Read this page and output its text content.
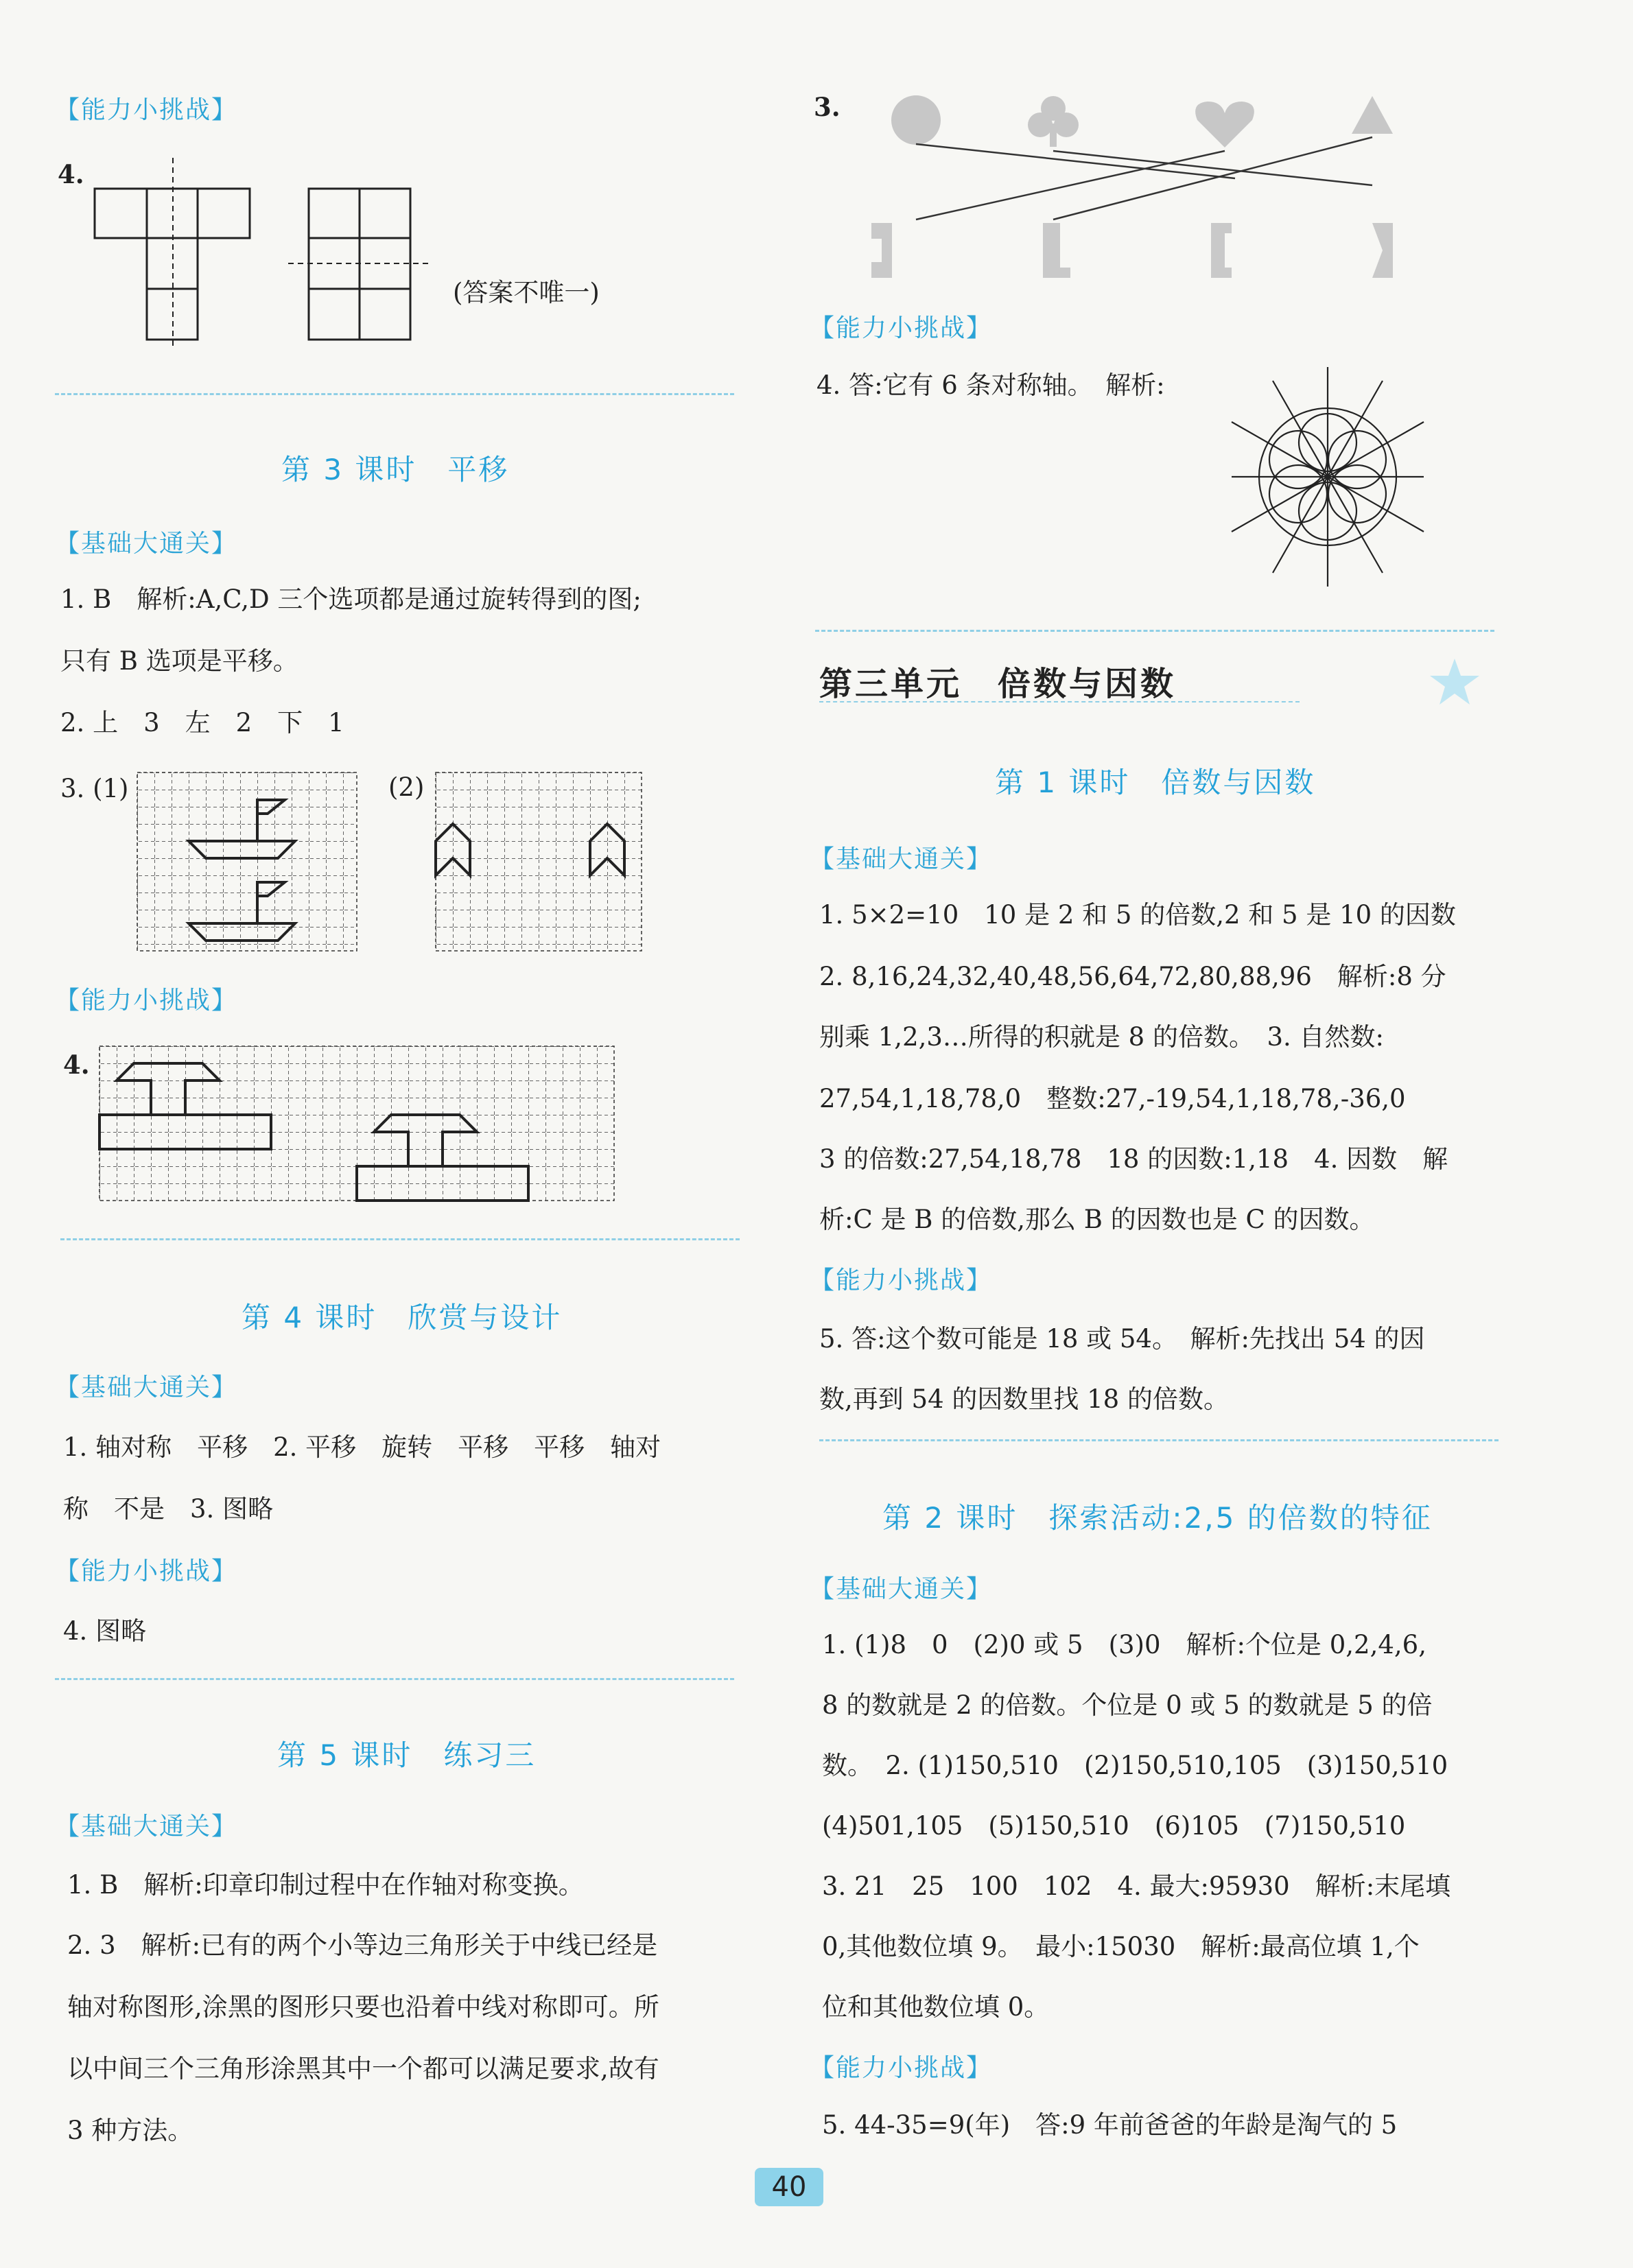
【能力小挑战】
4.
(答案不唯一)
第 3 课时　平移
【基础大通关】
1. B　解析:A,C,D 三个选项都是通过旋转得到的图;
只有 B 选项是平移。
2. 上　3　左　2　下　1
3. (1)	(2)
【能力小挑战】
4.
第 4 课时　欣赏与设计
【基础大通关】
1. 轴对称　平移　2. 平移　旋转　平移　平移　轴对
称　不是　3. 图略
【能力小挑战】
4. 图略
第 5 课时　练习三
【基础大通关】
1. B　解析:印章印制过程中在作轴对称变换。
2. 3　解析:已有的两个小等边三角形关于中线已经是
轴对称图形,涂黑的图形只要也沿着中线对称即可。所
以中间三个三角形涂黑其中一个都可以满足要求,故有
3 种方法。
3.
【能力小挑战】
4. 答:它有 6 条对称轴。　解析:
第三单元　倍数与因数
第 1 课时　倍数与因数
【基础大通关】
1. 5×2=10　10 是 2 和 5 的倍数,2 和 5 是 10 的因数
2. 8,16,24,32,40,48,56,64,72,80,88,96　解析:8 分
别乘 1,2,3…所得的积就是 8 的倍数。　3. 自然数:
27,54,1,18,78,0　整数:27,-19,54,1,18,78,-36,0
3 的倍数:27,54,18,78　18 的因数:1,18　4. 因数　解
析:C 是 B 的倍数,那么 B 的因数也是 C 的因数。
【能力小挑战】
5. 答:这个数可能是 18 或 54。　解析:先找出 54 的因
数,再到 54 的因数里找 18 的倍数。
第 2 课时　探索活动:2,5 的倍数的特征
【基础大通关】
1. (1)8　0　(2)0 或 5　(3)0　解析:个位是 0,2,4,6,
8 的数就是 2 的倍数。个位是 0 或 5 的数就是 5 的倍
数。　2. (1)150,510　(2)150,510,105　(3)150,510
(4)501,105　(5)150,510　(6)105　(7)150,510
3. 21　25　100　102　4. 最大:95930　解析:末尾填
0,其他数位填 9。　最小:15030　解析:最高位填 1,个
位和其他数位填 0。
【能力小挑战】
5. 44-35=9(年)　答:9 年前爸爸的年龄是淘气的 5
40
